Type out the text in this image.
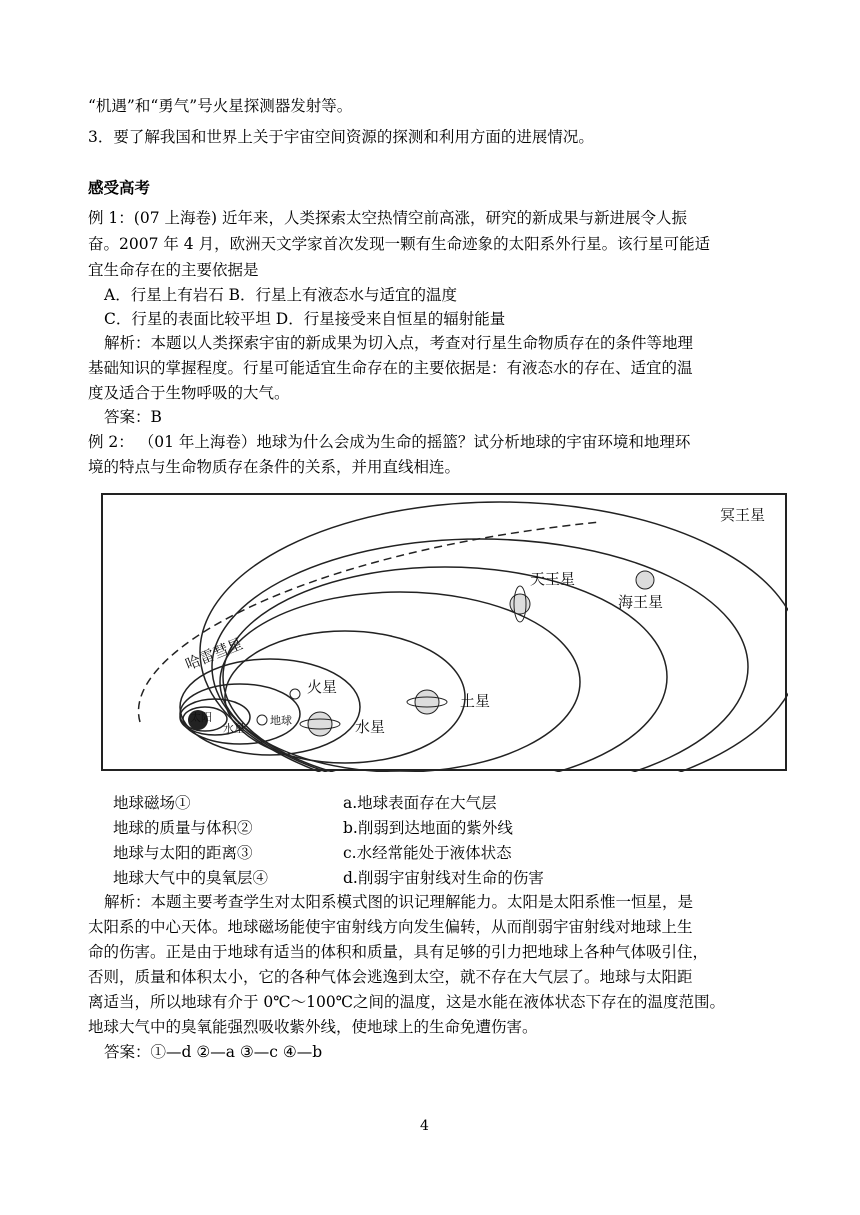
“机遇”和“勇气”号火星探测器发射等。
3．要了解我国和世界上关于宇宙空间资源的探测和利用方面的进展情况。
感受高考
例 1：(07 上海卷) 近年来，人类探索太空热情空前高涨，研究的新成果与新进展令人振
奋。2007 年 4 月，欧洲天文学家首次发现一颗有生命迹象的太阳系外行星。该行星可能适
宜生命存在的主要依据是
A．行星上有岩石 B．行星上有液态水与适宜的温度
C．行星的表面比较平坦 D．行星接受来自恒星的辐射能量
解析：本题以人类探索宇宙的新成果为切入点，考查对行星生命物质存在的条件等地理
基础知识的掌握程度。行星可能适宜生命存在的主要依据是：有液态水的存在、适宜的温
度及适合于生物呼吸的大气。
答案：B
例 2： （01 年上海卷）地球为什么会成为生命的摇篮？试分析地球的宇宙环境和地理环
境的特点与生命物质存在条件的关系，并用直线相连。
冥王星
天王星
海王星
哈雷彗星
火星
土星
水星
太阳	地球
水星
地球磁场①	a.地球表面存在大气层
地球的质量与体积②	b.削弱到达地面的紫外线
地球与太阳的距离③	c.水经常能处于液体状态
地球大气中的臭氧层④	d.削弱宇宙射线对生命的伤害
解析：本题主要考查学生对太阳系模式图的识记理解能力。太阳是太阳系惟一恒星，是
太阳系的中心天体。地球磁场能使宇宙射线方向发生偏转，从而削弱宇宙射线对地球上生
命的伤害。正是由于地球有适当的体积和质量，具有足够的引力把地球上各种气体吸引住，
否则，质量和体积太小，它的各种气体会逃逸到太空，就不存在大气层了。地球与太阳距
离适当，所以地球有介于 0℃～100℃之间的温度，这是水能在液体状态下存在的温度范围。
地球大气中的臭氧能强烈吸收紫外线，使地球上的生命免遭伤害。
答案：①—d ②—a ③—c ④—b
4
